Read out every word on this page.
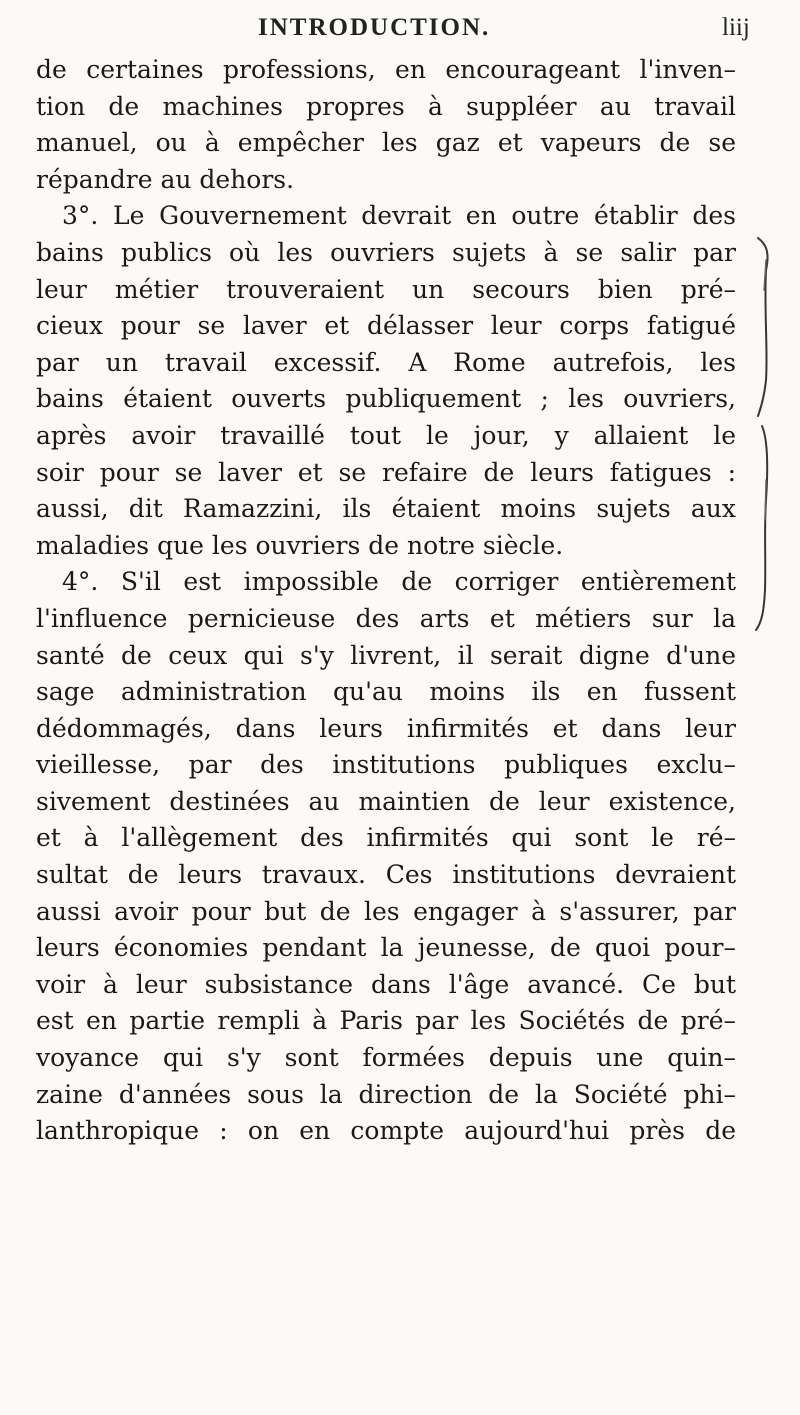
INTRODUCTION.	liij
de certaines professions, en encourageant l'inven–
tion de machines propres à suppléer au travail
manuel, ou à empêcher les gaz et vapeurs de se
répandre au dehors.
3°. Le Gouvernement devrait en outre établir des
bains publics où les ouvriers sujets à se salir par
leur métier trouveraient un secours bien pré–
cieux pour se laver et délasser leur corps fatigué
par un travail excessif. A Rome autrefois, les
bains étaient ouverts publiquement ; les ouvriers,
après avoir travaillé tout le jour, y allaient le
soir pour se laver et se refaire de leurs fatigues :
aussi, dit Ramazzini, ils étaient moins sujets aux
maladies que les ouvriers de notre siècle.
4°. S'il est impossible de corriger entièrement
l'influence pernicieuse des arts et métiers sur la
santé de ceux qui s'y livrent, il serait digne d'une
sage administration qu'au moins ils en fussent
dédommagés, dans leurs infirmités et dans leur
vieillesse, par des institutions publiques exclu–
sivement destinées au maintien de leur existence,
et à l'allègement des infirmités qui sont le ré–
sultat de leurs travaux. Ces institutions devraient
aussi avoir pour but de les engager à s'assurer, par
leurs économies pendant la jeunesse, de quoi pour–
voir à leur subsistance dans l'âge avancé. Ce but
est en partie rempli à Paris par les Sociétés de pré–
voyance qui s'y sont formées depuis une quin–
zaine d'années sous la direction de la Société phi–
lanthropique : on en compte aujourd'hui près de
